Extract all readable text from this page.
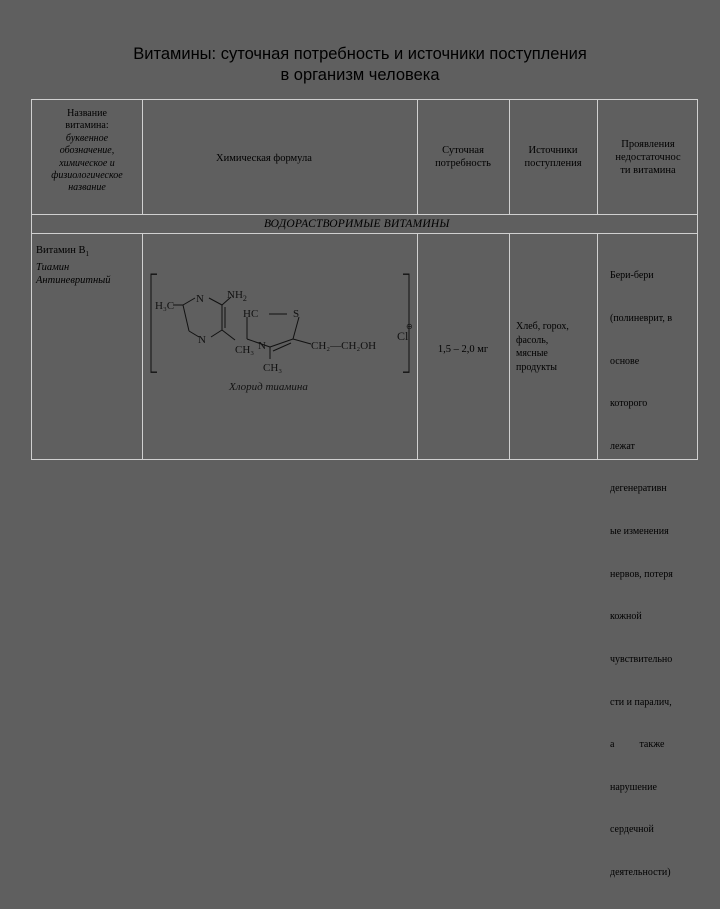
Витамины: суточная потребность и источники поступления
в организм человека
Название
витамина:
буквенное
обозначение,
химическое и
физиологическое
название
Химическая формула
Суточная
потребность
Источники
поступления
Проявления
недостаточнос
ти витамина
ВОДОРАСТВОРИМЫЕ ВИТАМИНЫ
Витамин $B_1$
Тиамин
Антиневритный
H₃C
N
N
$NH_2$
HC	S
N
CH₃
CH₃
CH₂—CH₂OH
Cl
⊖
Хлорид тиамина
1,5 – 2,0 мг
Хлеб, горох,
фасоль,
мясные
продукты

Бери-бери

(полиневрит, в

основе

которого

лежат

дегенеративн

ые изменения

нервов, потеря

кожной

чувствительно

сти и паралич,

а          также

нарушение

сердечной

деятельности)
